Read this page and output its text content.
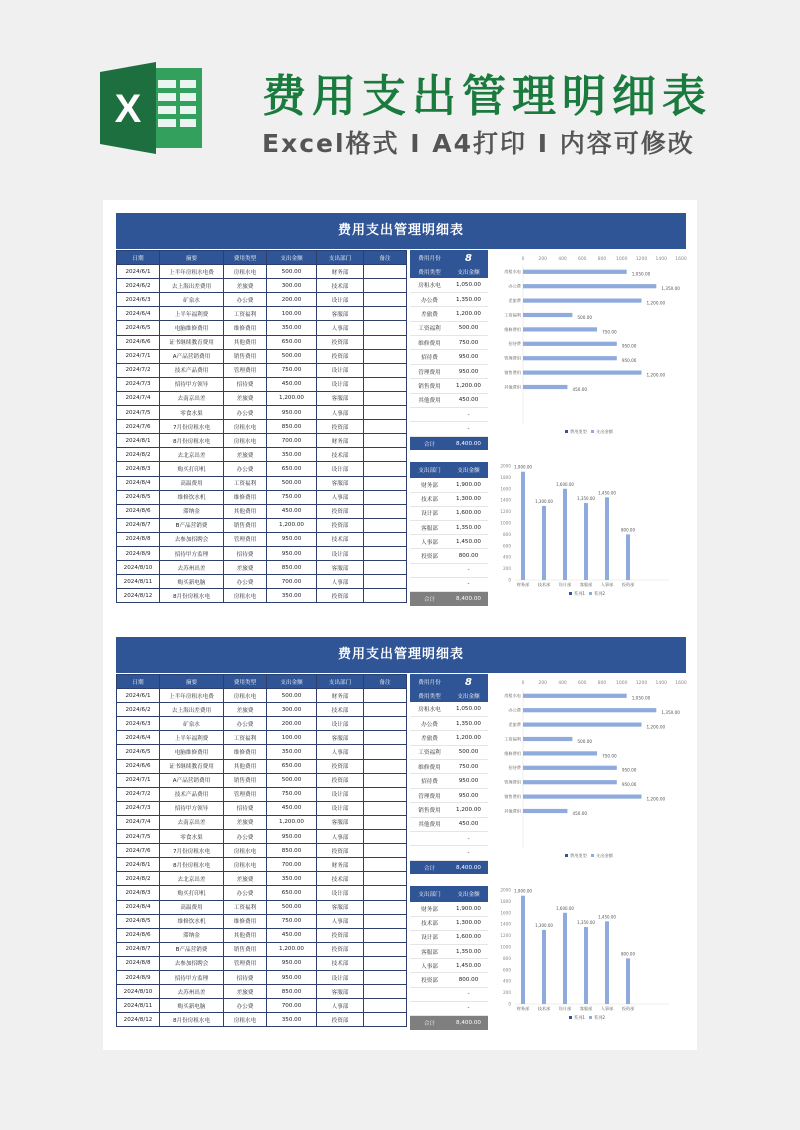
X	费用支出管理明细表
Excel格式 Ⅰ A4打印 Ⅰ 内容可修改
费用支出管理明细表
日期	摘要	费用类型	支出金额	支出部门	备注
2024/6/1	上半年房租水电费	房租水电	500.00	财务部	
2024/6/2	去上海出差费用	差旅费	300.00	技术部	
2024/6/3	矿泉水	办公费	200.00	设计部	
2024/6/4	上半年福利费	工资福利	100.00	客服部	
2024/6/5	电脑维修费用	维修费用	350.00	人事部	
2024/6/6	证书继续教育费用	其他费用	650.00	投资部	
2024/7/1	A产品营销费用	销售费用	500.00	投资部	
2024/7/2	技术产品费用	管理费用	750.00	设计部	
2024/7/3	招待甲方领导	招待费	450.00	设计部	
2024/7/4	去南京出差	差旅费	1,200.00	客服部	
2024/7/5	零食水果	办公费	950.00	人事部	
2024/7/6	7月份房租水电	房租水电	850.00	投资部	
2024/8/1	8月份房租水电	房租水电	700.00	财务部	
2024/8/2	去北京出差	差旅费	350.00	技术部	
2024/8/3	购买打印机	办公费	650.00	设计部	
2024/8/4	高温费用	工资福利	500.00	客服部	
2024/8/5	维修饮水机	维修费用	750.00	人事部	
2024/8/6	滞纳金	其他费用	450.00	投资部	
2024/8/7	B产品营销费	销售费用	1,200.00	投资部	
2024/8/8	去参加招聘会	管理费用	950.00	技术部	
2024/8/9	招待甲方监理	招待费	950.00	设计部	
2024/8/10	去苏州出差	差旅费	850.00	客服部	
2024/8/11	购买新电脑	办公费	700.00	人事部	
2024/8/12	8月份房租水电	房租水电	350.00	投资部	
费用月份	8
费用类型	支出金额
房租水电	1,050.00
办公费	1,350.00
差旅费	1,200.00
工资福利	500.00
维修费用	750.00
招待费	950.00
管理费用	950.00
销售费用	1,200.00
其他费用	450.00
	-
	-
合计	8,400.00
支出部门	支出金额
财务部	1,900.00
技术部	1,300.00
设计部	1,600.00
客服部	1,350.00
人事部	1,450.00
投资部	800.00
	-
	-
合计	8,400.00
0	200 400 600 800 1000 1200 1400 1600
房租水电	1,050.00
办公费	1,350.00
差旅费	1,200.00
工资福利	500.00
维修费用	750.00
招待费	950.00
管理费用	950.00
销售费用	1,200.00
其他费用	450.00
费用类型 支出金额
0
200
400
600
800
1000
1200
1400
1600
1800
2000 1,900.00
财务部
1,300.00
技术部
1,600.00
设计部
1,350.00
客服部
1,450.00
人事部
800.00
投资部
系列1 系列2
费用支出管理明细表
日期	摘要	费用类型	支出金额	支出部门	备注
2024/6/1	上半年房租水电费	房租水电	500.00	财务部	
2024/6/2	去上海出差费用	差旅费	300.00	技术部	
2024/6/3	矿泉水	办公费	200.00	设计部	
2024/6/4	上半年福利费	工资福利	100.00	客服部	
2024/6/5	电脑维修费用	维修费用	350.00	人事部	
2024/6/6	证书继续教育费用	其他费用	650.00	投资部	
2024/7/1	A产品营销费用	销售费用	500.00	投资部	
2024/7/2	技术产品费用	管理费用	750.00	设计部	
2024/7/3	招待甲方领导	招待费	450.00	设计部	
2024/7/4	去南京出差	差旅费	1,200.00	客服部	
2024/7/5	零食水果	办公费	950.00	人事部	
2024/7/6	7月份房租水电	房租水电	850.00	投资部	
2024/8/1	8月份房租水电	房租水电	700.00	财务部	
2024/8/2	去北京出差	差旅费	350.00	技术部	
2024/8/3	购买打印机	办公费	650.00	设计部	
2024/8/4	高温费用	工资福利	500.00	客服部	
2024/8/5	维修饮水机	维修费用	750.00	人事部	
2024/8/6	滞纳金	其他费用	450.00	投资部	
2024/8/7	B产品营销费	销售费用	1,200.00	投资部	
2024/8/8	去参加招聘会	管理费用	950.00	技术部	
2024/8/9	招待甲方监理	招待费	950.00	设计部	
2024/8/10	去苏州出差	差旅费	850.00	客服部	
2024/8/11	购买新电脑	办公费	700.00	人事部	
2024/8/12	8月份房租水电	房租水电	350.00	投资部	
费用月份	8
费用类型	支出金额
房租水电	1,050.00
办公费	1,350.00
差旅费	1,200.00
工资福利	500.00
维修费用	750.00
招待费	950.00
管理费用	950.00
销售费用	1,200.00
其他费用	450.00
	-
	-
合计	8,400.00
支出部门	支出金额
财务部	1,900.00
技术部	1,300.00
设计部	1,600.00
客服部	1,350.00
人事部	1,450.00
投资部	800.00
	-
	-
合计	8,400.00
0	200 400 600 800 1000 1200 1400 1600
房租水电	1,050.00
办公费	1,350.00
差旅费	1,200.00
工资福利	500.00
维修费用	750.00
招待费	950.00
管理费用	950.00
销售费用	1,200.00
其他费用	450.00
费用类型 支出金额
0
200
400
600
800
1000
1200
1400
1600
1800
2000 1,900.00
财务部
1,300.00
技术部
1,600.00
设计部
1,350.00
客服部
1,450.00
人事部
800.00
投资部
系列1 系列2
